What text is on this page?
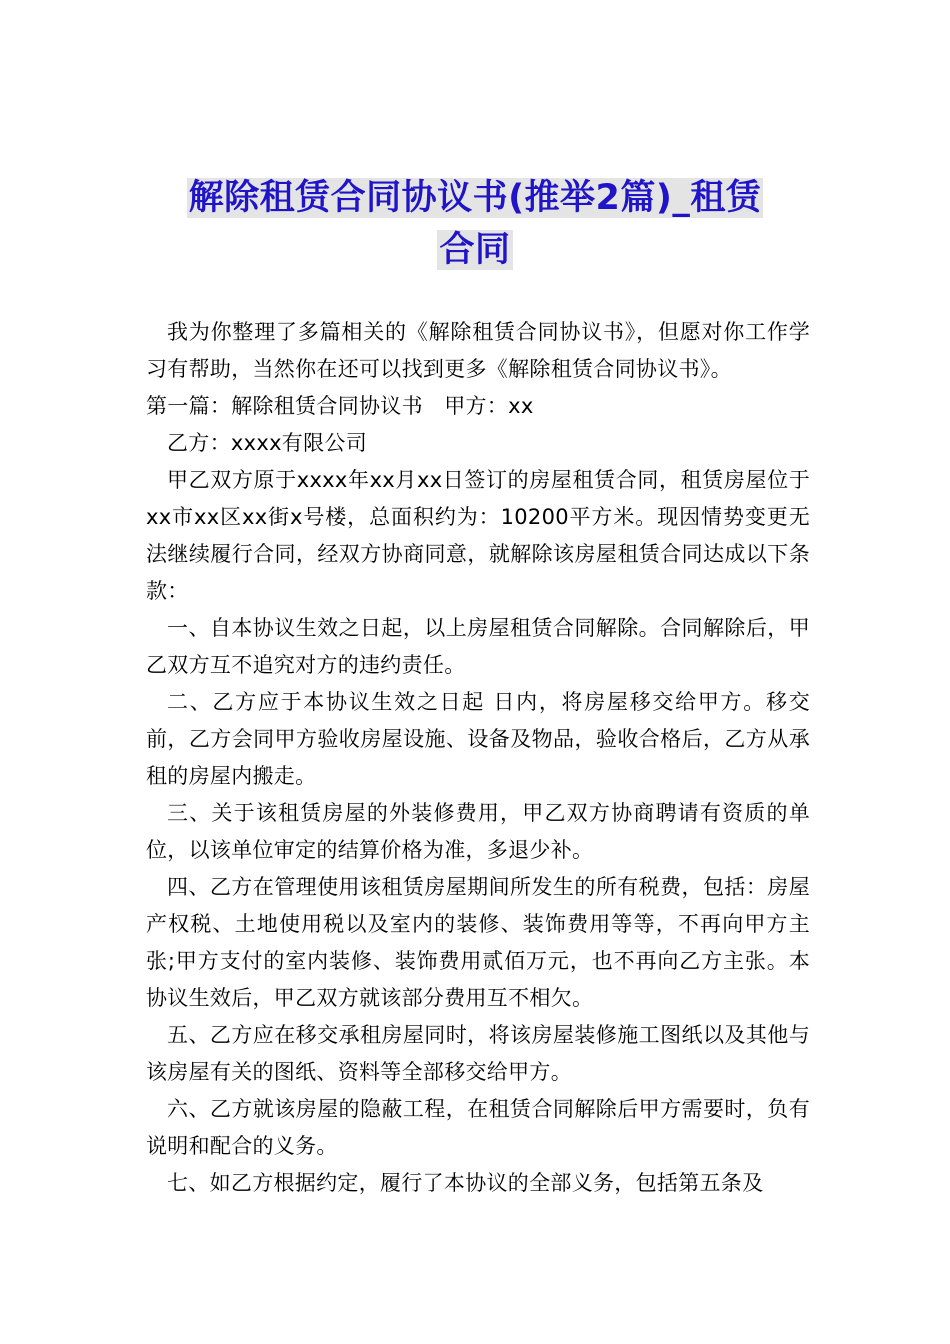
解除租赁合同协议书(推举2篇)_租赁
合同

我为你整理了多篇相关的《解除租赁合同协议书》，但愿对你工作学习有帮助，当然你在还可以找到更多《解除租赁合同协议书》。

第一篇：解除租赁合同协议书　甲方：xx

乙方：xxxx有限公司

甲乙双方原于xxxx年xx月xx日签订的房屋租赁合同，租赁房屋位于xx市xx区xx街x号楼，总面积约为：10200平方米。现因情势变更无法继续履行合同，经双方协商同意，就解除该房屋租赁合同达成以下条款：

一、自本协议生效之日起，以上房屋租赁合同解除。合同解除后，甲乙双方互不追究对方的违约责任。

二、乙方应于本协议生效之日起 日内，将房屋移交给甲方。移交前，乙方会同甲方验收房屋设施、设备及物品，验收合格后，乙方从承租的房屋内搬走。

三、关于该租赁房屋的外装修费用，甲乙双方协商聘请有资质的单位，以该单位审定的结算价格为准，多退少补。

四、乙方在管理使用该租赁房屋期间所发生的所有税费，包括：房屋产权税、土地使用税以及室内的装修、装饰费用等等，不再向甲方主张;甲方支付的室内装修、装饰费用贰佰万元，也不再向乙方主张。本协议生效后，甲乙双方就该部分费用互不相欠。

五、乙方应在移交承租房屋同时，将该房屋装修施工图纸以及其他与该房屋有关的图纸、资料等全部移交给甲方。

六、乙方就该房屋的隐蔽工程，在租赁合同解除后甲方需要时，负有说明和配合的义务。

七、如乙方根据约定，履行了本协议的全部义务，包括第五条及
